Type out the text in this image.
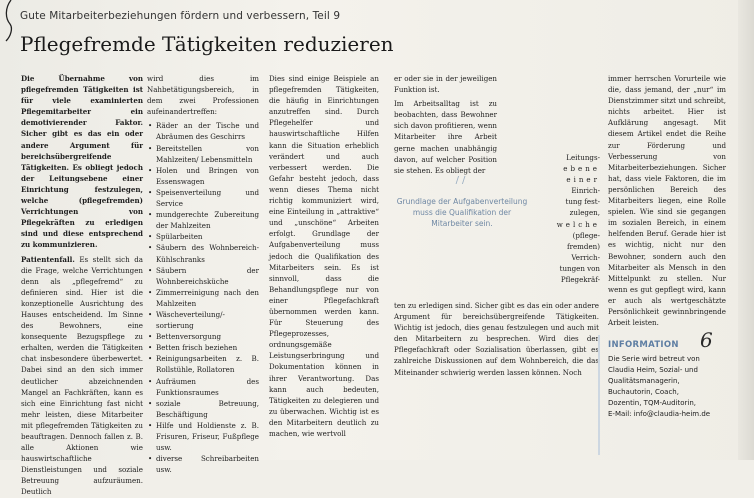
Gute Mitarbeiterbeziehungen fördern und verbessern, Teil 9
Pflegefremde Tätigkeiten reduzieren

Die Übernahme von pflegefremden Tätigkeiten ist für viele examinierten Pflegemitarbeiter ein demotivierender Faktor. Sicher gibt es das ein oder andere Argument für bereichsübergreifende Tätigkeiten. Es obliegt jedoch der Leitungsebene einer Einrichtung festzulegen, welche (pflegefremden) Verrichtungen von Pflegekräften zu erledigen sind und diese entsprechend zu kommunizieren.

Patientenfall. Es stellt sich da die Frage, welche Verrichtungen denn als „pflegefremd“ zu definieren sind. Hier ist die konzeptionelle Ausrichtung des Hauses entscheidend. Im Sinne des Bewohners, eine konsequente Bezugspflege zu erhalten, werden die Tätigkeiten chat insbesondere überbewertet. Dabei sind an den sich immer deutlicher abzeichnenden Mangel an Fachkräften, kann es sich eine Einrichtung fast nicht mehr leisten, diese Mitarbeiter mit pflegefremden Tätigkeiten zu beauftragen. Dennoch fallen z. B. alle Aktionen wie hauswirtschaftliche Dienstleistungen und soziale Betreuung aufzuräumen. Deutlich

wird dies im Nahbetätigungsbereich, in dem zwei Professionen aufeinandertreffen:

• Räder an der Tische und Abräumen des Geschirrs
• Bereitstellen von Mahlzeiten/ Lebensmitteln
• Holen und Bringen von Essenswagen
• Speisenverteilung und Service
• mundgerechte Zubereitung der Mahlzeiten
• Spülarbeiten
• Säubern des Wohnbereich-Kühlschranks
• Säubern der Wohnbereichsküche
• Zimmerreinigung nach den Mahlzeiten
• Wäscheverteilung/-sortierung
• Bettenversorgung
• Betten frisch beziehen
• Reinigungsarbeiten z. B. Rollstühle, Rollatoren
• Aufräumen des Funktionsraumes
• soziale Betreuung, Beschäftigung
• Hilfe und Holdienste z. B. Frisuren, Friseur, Fußpflege usw.
• diverse Schreibarbeiten usw.

Dies sind einige Beispiele an pflegefremden Tätigkeiten, die häufig in Einrichtungen anzutreffen sind. Durch Pflegehelfer und hauswirtschaftliche Hilfen kann die Situation erheblich verändert und auch verbessert werden. Die Gefahr besteht jedoch, dass wenn dieses Thema nicht richtig kommuniziert wird, eine Einteilung in „attraktive“ und „unschöne“ Arbeiten erfolgt. Grundlage der Aufgabenverteilung muss jedoch die Qualifikation des Mitarbeiters sein. Es ist sinnvoll, dass die Behandlungspflege nur von einer Pflegefachkraft übernommen werden kann. Für Steuerung des Pflegeprozesses, ordnungsgemäße Leistungserbringung und Dokumentation können in ihrer Verantwortung. Das kann auch bedeuten, Tätigkeiten zu delegieren und zu überwachen. Wichtig ist es den Mitarbeitern deutlich zu machen, wie wertvoll

er oder sie in der jeweiligen Funktion ist.

Im Arbeitsalltag ist zu beobachten, dass Bewohner sich davon profitieren, wenn Mitarbeiter ihre Arbeit gerne machen unabhängig davon, auf welcher Position sie stehen. Es obliegt der

//
Grundlage der Aufgabenverteilung muss die Qualifikation der Mitarbeiter sein.
Leitungs-
ebene
einer
Einrich-
tung fest-
zulegen,
welche
(pflege-
fremden)
Verrich-
tungen von
Pflegekräf-

ten zu erledigen sind. Sicher gibt es das ein oder andere Argument für bereichsübergreifende Tätigkeiten. Wichtig ist jedoch, dies genau festzulegen und auch mit den Mitarbeitern zu besprechen. Wird dies der Pflegefachkraft oder Sozialisation überlassen, gibt es zahlreiche Diskussionen auf dem Wohnbereich, die das Miteinander schwierig werden lassen können. Noch

immer herrschen Vorurteile wie die, dass jemand, der „nur“ im Dienstzimmer sitzt und schreibt, nichts arbeitet. Hier ist Aufklärung angesagt. Mit diesem Artikel endet die Reihe zur Förderung und Verbesserung von Mitarbeiterbeziehungen. Sicher hat, dass viele Faktoren, die im persönlichen Bereich des Mitarbeiters liegen, eine Rolle spielen. Wie sind sie gegangen im sozialen Bereich, in einem helfenden Beruf. Gerade hier ist es wichtig, nicht nur den Bewohner, sondern auch den Mitarbeiter als Mensch in den Mittelpunkt zu stellen. Nur wenn es gut gepflegt wird, kann er auch als wertgeschätzte Persönlichkeit gewinnbringende Arbeit leisten.

INFORMATION 6
Die Serie wird betreut von
Claudia Heim, Sozial- und
Qualitätsmanagerin,
Buchautorin, Coach,
Dozentin, TQM-Auditorin,
E-Mail: info@claudia-heim.de
